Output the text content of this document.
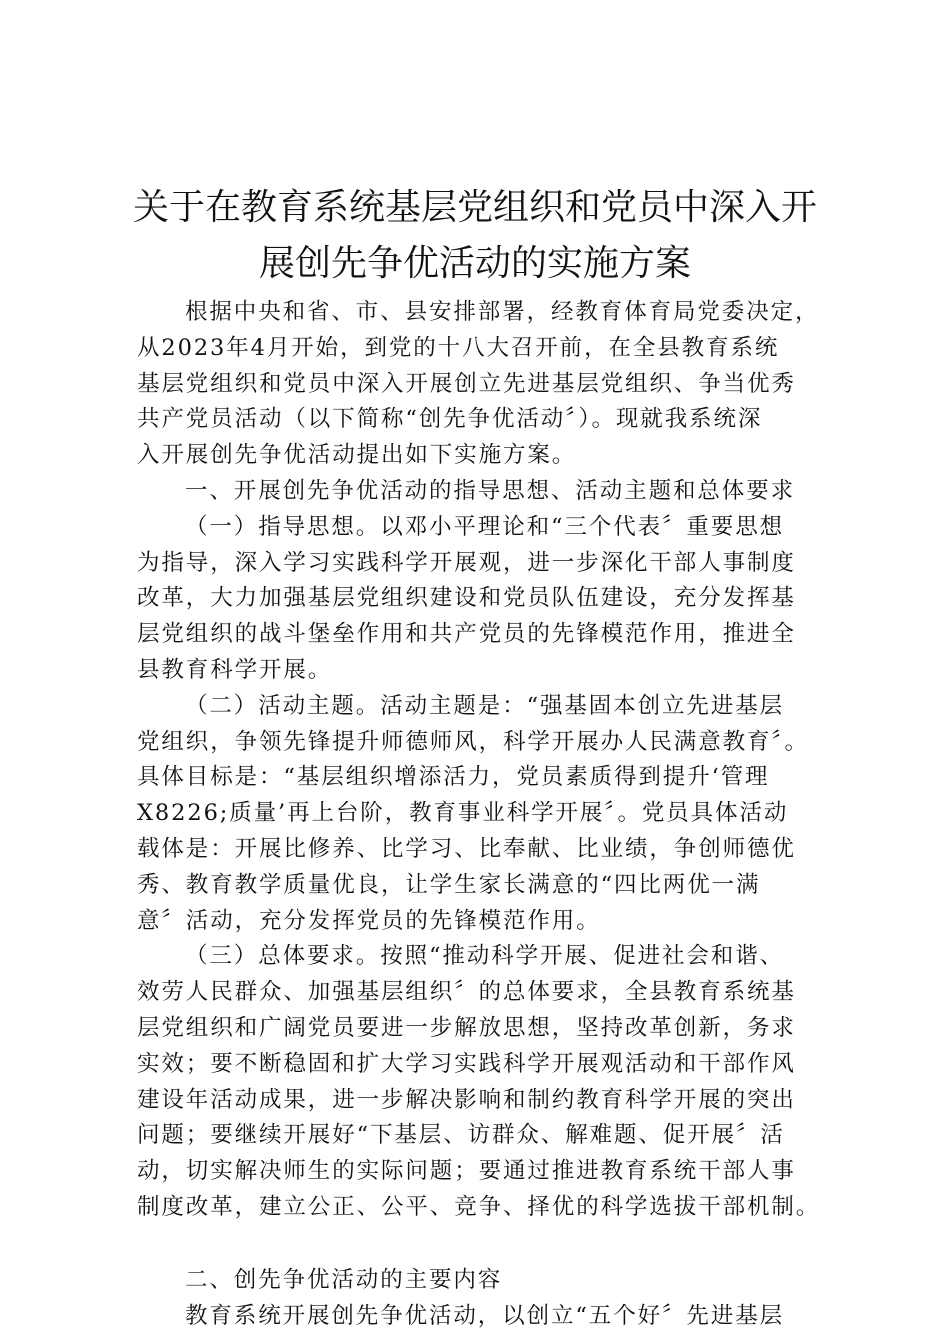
关于在教育系统基层党组织和党员中深入开
展创先争优活动的实施方案
根据中央和省、市、县安排部署，经教育体育局党委决定，
从2023年4月开始，到党的十八大召开前，在全县教育系统
基层党组织和党员中深入开展创立先进基层党组织、争当优秀
共产党员活动（以下简称“创先争优活动〞）。现就我系统深
入开展创先争优活动提出如下实施方案。
一、开展创先争优活动的指导思想、活动主题和总体要求
（一）指导思想。以邓小平理论和“三个代表〞重要思想
为指导，深入学习实践科学开展观，进一步深化干部人事制度
改革，大力加强基层党组织建设和党员队伍建设，充分发挥基
层党组织的战斗堡垒作用和共产党员的先锋模范作用，推进全
县教育科学开展。
（二）活动主题。活动主题是：“强基固本创立先进基层
党组织，争领先锋提升师德师风，科学开展办人民满意教育〞。
具体目标是：“基层组织增添活力，党员素质得到提升‘管理
X8226;质量’再上台阶，教育事业科学开展〞。党员具体活动
载体是：开展比修养、比学习、比奉献、比业绩，争创师德优
秀、教育教学质量优良，让学生家长满意的“四比两优一满
意〞活动，充分发挥党员的先锋模范作用。
（三）总体要求。按照“推动科学开展、促进社会和谐、
效劳人民群众、加强基层组织〞的总体要求，全县教育系统基
层党组织和广阔党员要进一步解放思想，坚持改革创新，务求
实效；要不断稳固和扩大学习实践科学开展观活动和干部作风
建设年活动成果，进一步解决影响和制约教育科学开展的突出
问题；要继续开展好“下基层、访群众、解难题、促开展〞活
动，切实解决师生的实际问题；要通过推进教育系统干部人事
制度改革，建立公正、公平、竞争、择优的科学选拔干部机制。
二、创先争优活动的主要内容
教育系统开展创先争优活动，以创立“五个好〞先进基层
